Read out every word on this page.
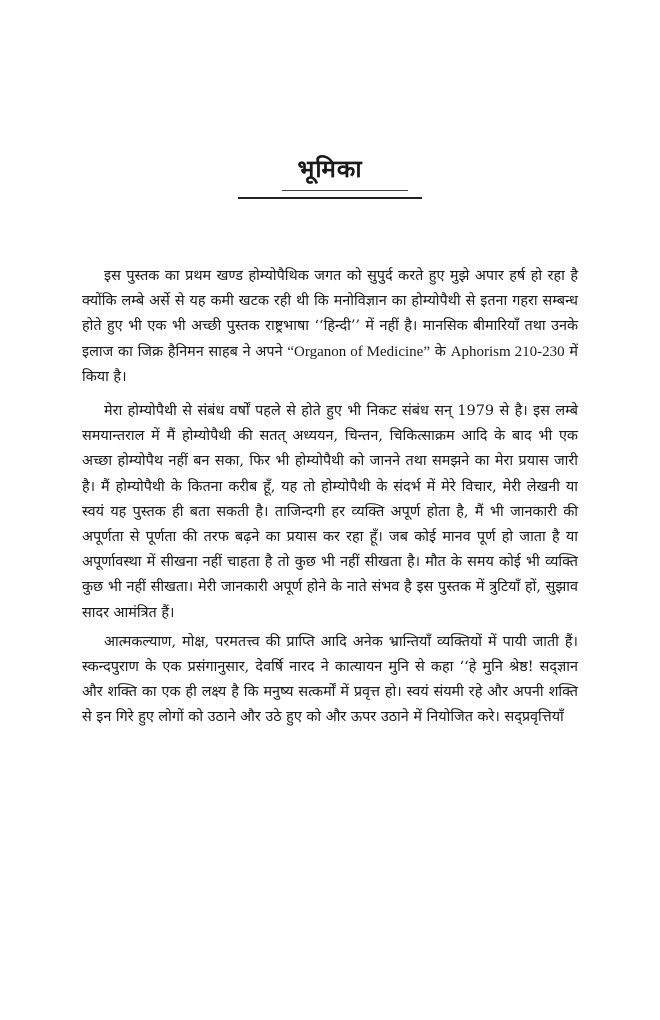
भूमिका

इस पुस्तक का प्रथम खण्ड होम्योपैथिक जगत को सुपुर्द करते हुए मुझे अपार हर्ष हो रहा है क्योंकि लम्बे अर्से से यह कमी खटक रही थी कि मनोविज्ञान का होम्योपैथी से इतना गहरा सम्बन्ध होते हुए भी एक भी अच्छी पुस्तक राष्ट्रभाषा ‘‘हिन्दी’’ में नहीं है। मानसिक बीमारियाँ तथा उनके इलाज का जिक्र हैनिमन साहब ने अपने “Organon of Medicine” के Aphorism 210-230 में किया है।

मेरा होम्योपैथी से संबंध वर्षों पहले से होते हुए भी निकट संबंध सन् 1979 से है। इस लम्बे समयान्तराल में मैं होम्योपैथी की सतत् अध्ययन, चिन्तन, चिकित्साक्रम आदि के बाद भी एक अच्छा होम्योपैथ नहीं बन सका, फिर भी होम्योपैथी को जानने तथा समझने का मेरा प्रयास जारी है। मैं होम्योपैथी के कितना करीब हूँ, यह तो होम्योपैथी के संदर्भ में मेरे विचार, मेरी लेखनी या स्वयं यह पुस्तक ही बता सकती है। ताजिन्दगी हर व्यक्ति अपूर्ण होता है, मैं भी जानकारी की अपूर्णता से पूर्णता की तरफ बढ़ने का प्रयास कर रहा हूँ। जब कोई मानव पूर्ण हो जाता है या अपूर्णावस्था में सीखना नहीं चाहता है तो कुछ भी नहीं सीखता है। मौत के समय कोई भी व्यक्ति कुछ भी नहीं सीखता। मेरी जानकारी अपूर्ण होने के नाते संभव है इस पुस्तक में त्रुटियाँ हों, सुझाव सादर आमंत्रित हैं।

आत्मकल्याण, मोक्ष, परमतत्त्व की प्राप्ति आदि अनेक भ्रान्तियाँ व्यक्तियों में पायी जाती हैं। स्कन्दपुराण के एक प्रसंगानुसार, देवर्षि नारद ने कात्यायन मुनि से कहा ‘‘हे मुनि श्रेष्ठ! सद्ज्ञान और शक्ति का एक ही लक्ष्य है कि मनुष्य सत्कर्मों में प्रवृत्त हो। स्वयं संयमी रहे और अपनी शक्ति से इन गिरे हुए लोगों को उठाने और उठे हुए को और ऊपर उठाने में नियोजित करे। सद्प्रवृत्तियाँ
